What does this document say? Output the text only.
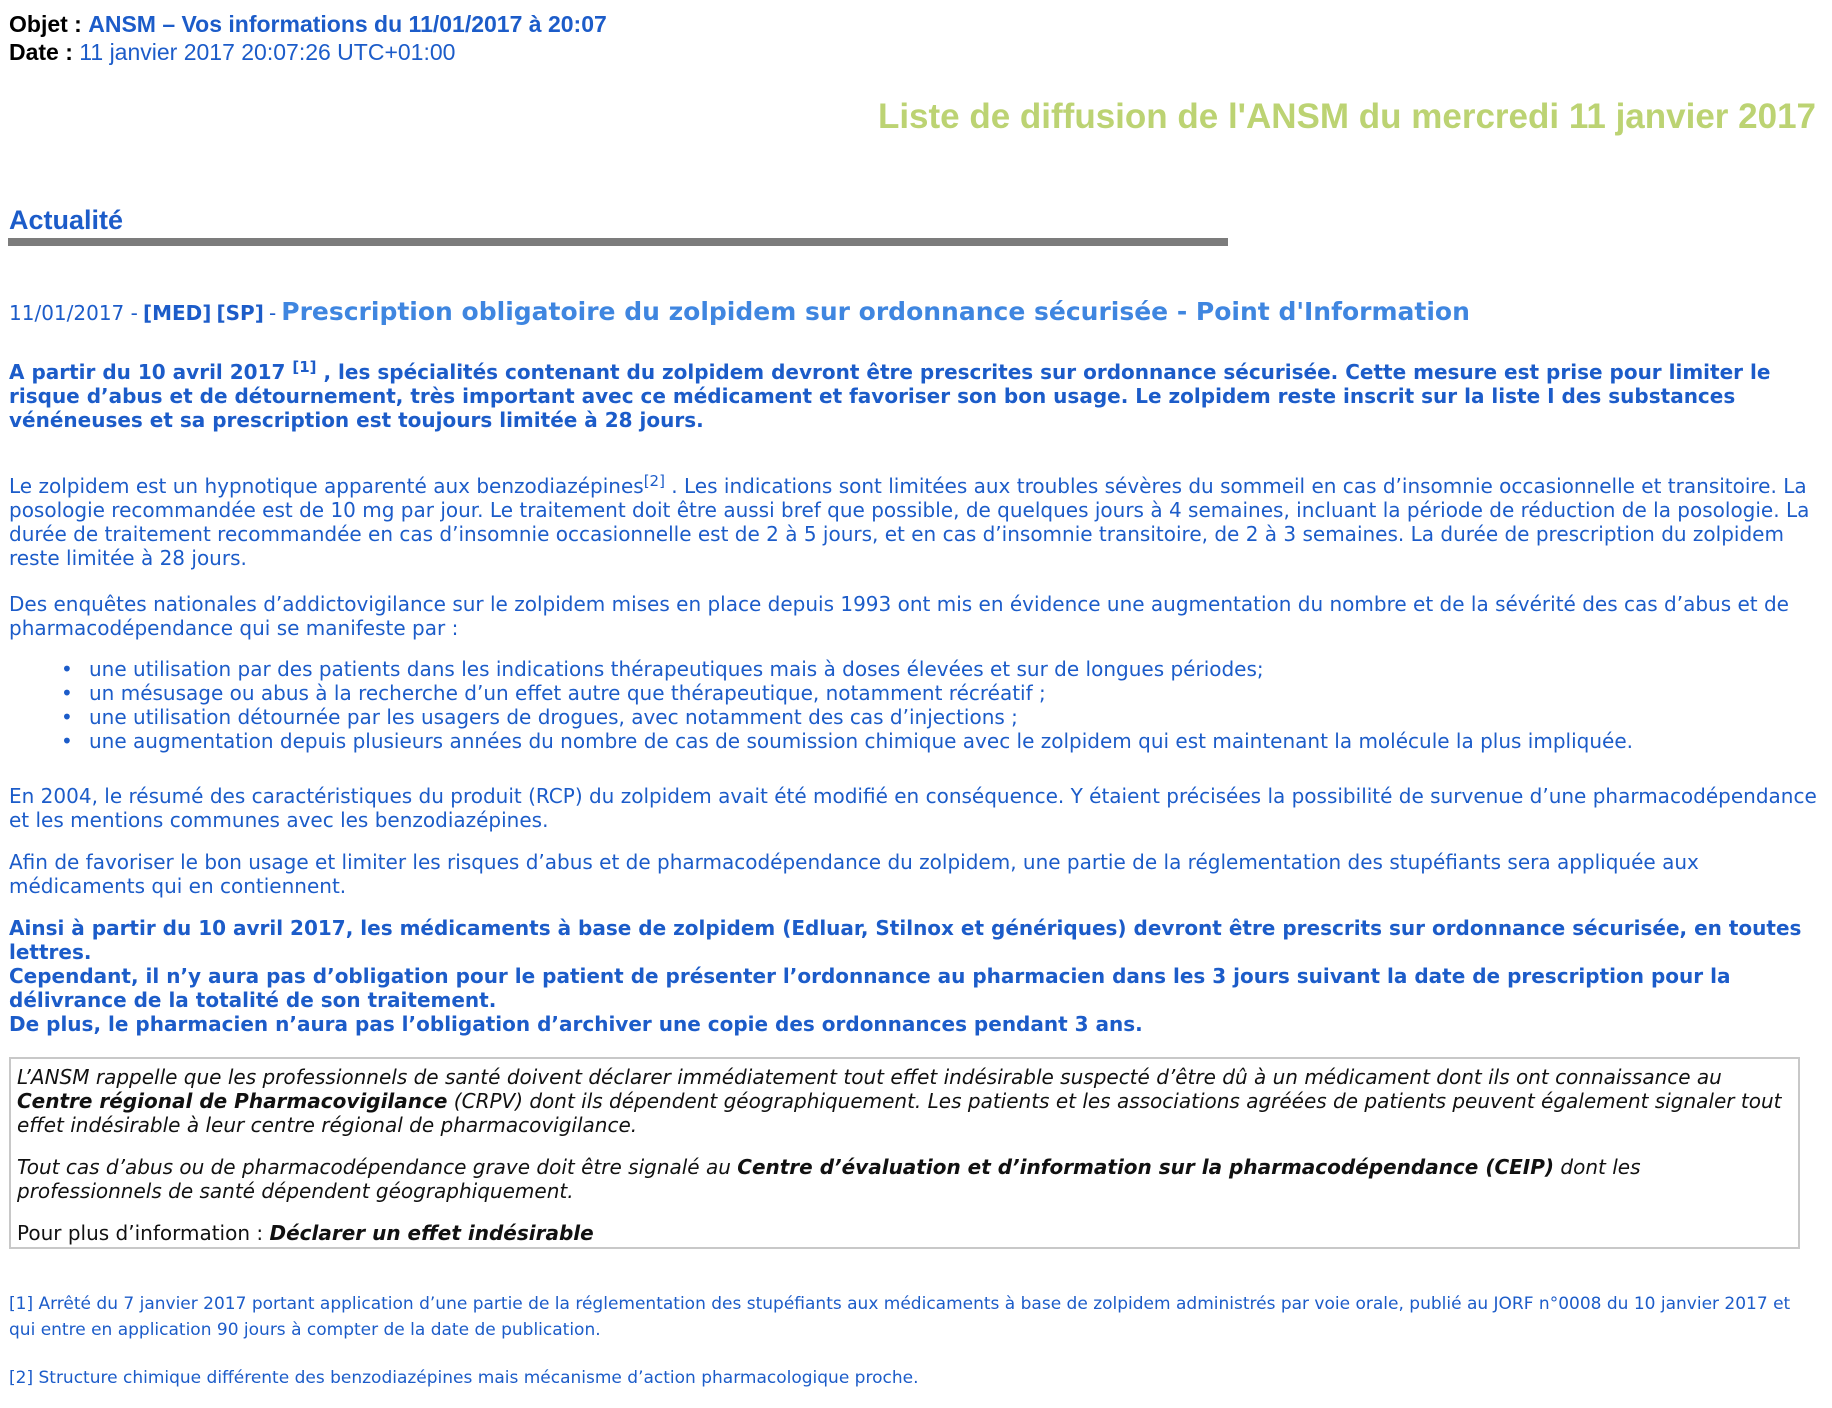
Objet : ANSM – Vos informations du 11/01/2017 à 20:07
Date : 11 janvier 2017 20:07:26 UTC+01:00
Liste de diffusion de l'ANSM du mercredi 11 janvier 2017
Actualité
11/01/2017 - [MED] [SP] - Prescription obligatoire du zolpidem sur ordonnance sécurisée - Point d'Information
A partir du 10 avril 2017 [1] , les spécialités contenant du zolpidem devront être prescrites sur ordonnance sécurisée. Cette mesure est prise pour limiter le risque d’abus et de détournement, très important avec ce médicament et favoriser son bon usage. Le zolpidem reste inscrit sur la liste I des substances vénéneuses et sa prescription est toujours limitée à 28 jours.
Le zolpidem est un hypnotique apparenté aux benzodiazépines[2] . Les indications sont limitées aux troubles sévères du sommeil en cas d’insomnie occasionnelle et transitoire. La posologie recommandée est de 10 mg par jour. Le traitement doit être aussi bref que possible, de quelques jours à 4 semaines, incluant la période de réduction de la posologie. La durée de traitement recommandée en cas d’insomnie occasionnelle est de 2 à 5 jours, et en cas d’insomnie transitoire, de 2 à 3 semaines. La durée de prescription du zolpidem reste limitée à 28 jours.
Des enquêtes nationales d’addictovigilance sur le zolpidem mises en place depuis 1993 ont mis en évidence une augmentation du nombre et de la sévérité des cas d’abus et de pharmacodépendance qui se manifeste par :
• une utilisation par des patients dans les indications thérapeutiques mais à doses élevées et sur de longues périodes;
• un mésusage ou abus à la recherche d’un effet autre que thérapeutique, notamment récréatif ;
• une utilisation détournée par les usagers de drogues, avec notamment des cas d’injections ;
• une augmentation depuis plusieurs années du nombre de cas de soumission chimique avec le zolpidem qui est maintenant la molécule la plus impliquée.
En 2004, le résumé des caractéristiques du produit (RCP) du zolpidem avait été modifié en conséquence. Y étaient précisées la possibilité de survenue d’une pharmacodépendance et les mentions communes avec les benzodiazépines.
Afin de favoriser le bon usage et limiter les risques d’abus et de pharmacodépendance du zolpidem, une partie de la réglementation des stupéfiants sera appliquée aux médicaments qui en contiennent.
Ainsi à partir du 10 avril 2017, les médicaments à base de zolpidem (Edluar, Stilnox et génériques) devront être prescrits sur ordonnance sécurisée, en toutes lettres.
Cependant, il n’y aura pas d’obligation pour le patient de présenter l’ordonnance au pharmacien dans les 3 jours suivant la date de prescription pour la délivrance de la totalité de son traitement.
De plus, le pharmacien n’aura pas l’obligation d’archiver une copie des ordonnances pendant 3 ans.

L’ANSM rappelle que les professionnels de santé doivent déclarer immédiatement tout effet indésirable suspecté d’être dû à un médicament dont ils ont connaissance au Centre régional de Pharmacovigilance (CRPV) dont ils dépendent géographiquement. Les patients et les associations agréées de patients peuvent également signaler tout effet indésirable à leur centre régional de pharmacovigilance.

Tout cas d’abus ou de pharmacodépendance grave doit être signalé au Centre d’évaluation et d’information sur la pharmacodépendance (CEIP) dont les professionnels de santé dépendent géographiquement.

Pour plus d’information : Déclarer un effet indésirable

[1] Arrêté du 7 janvier 2017 portant application d’une partie de la réglementation des stupéfiants aux médicaments à base de zolpidem administrés par voie orale, publié au JORF n°0008 du 10 janvier 2017 et qui entre en application 90 jours à compter de la date de publication.
[2] Structure chimique différente des benzodiazépines mais mécanisme d’action pharmacologique proche.
